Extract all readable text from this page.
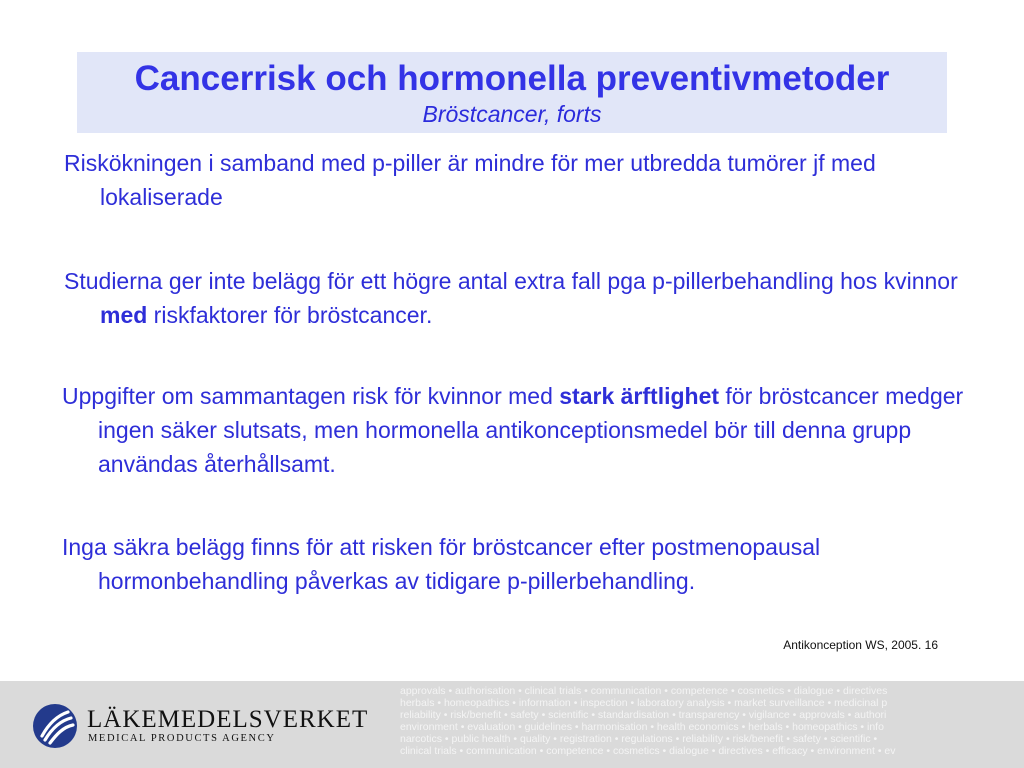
Cancerrisk och hormonella preventivmetoder

Bröstcancer, forts

Riskökningen i samband med p-piller är mindre för mer utbredda tumörer jf med lokaliserade

Studierna ger inte belägg för ett högre antal extra fall pga p-pillerbehandling hos kvinnor med riskfaktorer för bröstcancer.

Uppgifter om sammantagen risk för kvinnor med stark ärftlighet för bröstcancer medger ingen säker slutsats, men hormonella antikonceptionsmedel bör till denna grupp användas återhållsamt.

Inga säkra belägg finns för att risken för bröstcancer efter postmenopausal hormonbehandling påverkas av tidigare p-pillerbehandling.

Antikonception WS, 2005. 16

LÄKEMEDELSVERKET

MEDICAL PRODUCTS AGENCY

approvals • authorisation • clinical trials • communication • competence • cosmetics • dialogue • directives

herbals • homeopathics • information • inspection • laboratory analysis • market surveillance • medicinal p

reliability • risk/benefit • safety • scientific • standardisation • transparency • vigilance • approvals • authori

environment • evaluation • guidelines • harmonisation • health economics • herbals • homeopathics • info

narcotics • public health • quality • registration • regulations • reliability • risk/benefit • safety • scientific •

clinical trials • communication • competence • cosmetics • dialogue • directives • efficacy • environment • ev
